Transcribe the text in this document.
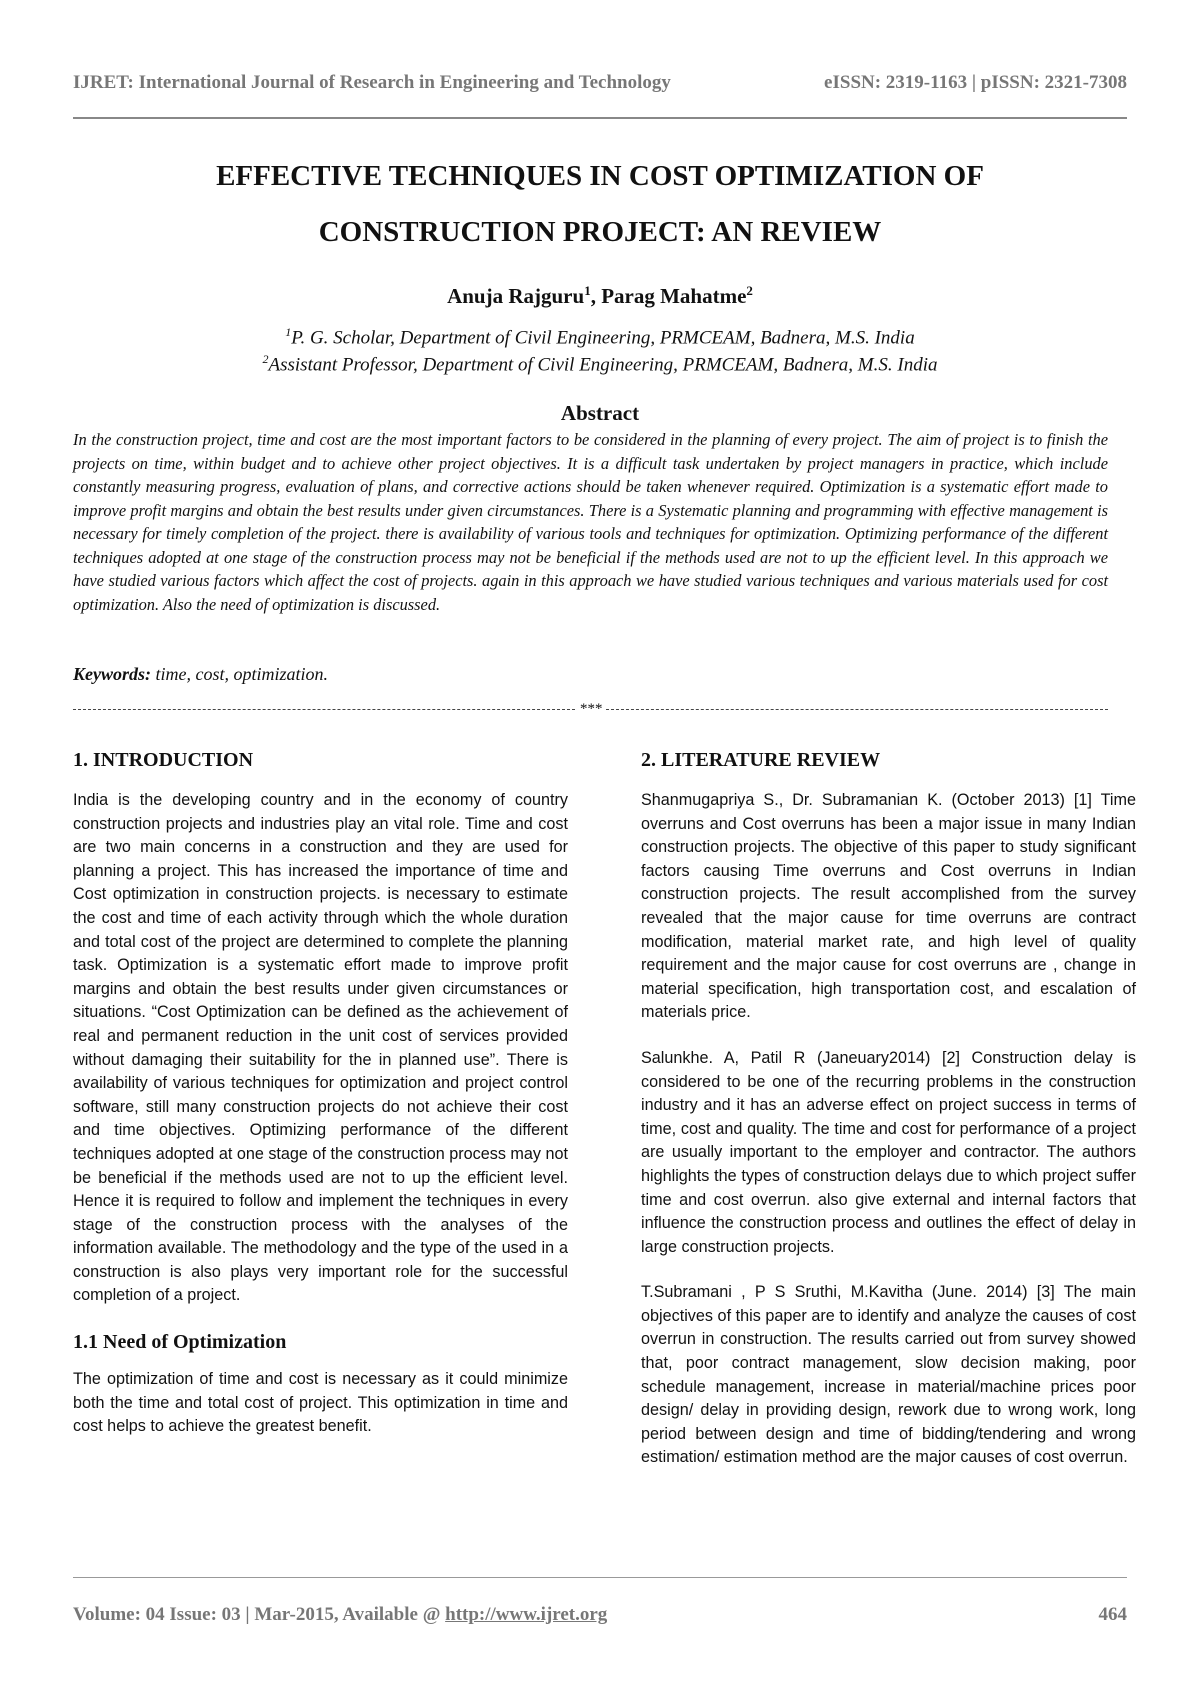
IJRET: International Journal of Research in Engineering and Technology	eISSN: 2319-1163 | pISSN: 2321-7308
EFFECTIVE TECHNIQUES IN COST OPTIMIZATION OF
CONSTRUCTION PROJECT: AN REVIEW
Anuja Rajguru$^1$, Parag Mahatme$^2$
$^1$P. G. Scholar, Department of Civil Engineering, PRMCEAM, Badnera, M.S. India
$^2$Assistant Professor, Department of Civil Engineering, PRMCEAM, Badnera, M.S. India
Abstract

In the construction project, time and cost are the most important factors to be considered in the planning of every project. The aim of project is to finish the projects on time, within budget and to achieve other project objectives. It is a difficult task undertaken by project managers in practice, which include constantly measuring progress, evaluation of plans, and corrective actions should be taken whenever required. Optimization is a systematic effort made to improve profit margins and obtain the best results under given circumstances. There is a Systematic planning and programming with effective management is necessary for timely completion of the project. there is availability of various tools and techniques for optimization. Optimizing performance of the different techniques adopted at one stage of the construction process may not be beneficial if the methods used are not to up the efficient level. In this approach we have studied various factors which affect the cost of projects. again in this approach we have studied various techniques and various materials used for cost optimization. Also the need of optimization is discussed.

Keywords: time, cost, optimization.
***
1. INTRODUCTION

India is the developing country and in the economy of country construction projects and industries play an vital role. Time and cost are two main concerns in a construction and they are used for planning a project. This has increased the importance of time and Cost optimization in construction projects. is necessary to estimate the cost and time of each activity through which the whole duration and total cost of the project are determined to complete the planning task. Optimization is a systematic effort made to improve profit margins and obtain the best results under given circumstances or situations. “Cost Optimization can be defined as the achievement of real and permanent reduction in the unit cost of services provided without damaging their suitability for the in planned use”. There is availability of various techniques for optimization and project control software, still many construction projects do not achieve their cost and time objectives. Optimizing performance of the different techniques adopted at one stage of the construction process may not be beneficial if the methods used are not to up the efficient level. Hence it is required to follow and implement the techniques in every stage of the construction process with the analyses of the information available. The methodology and the type of the used in a construction is also plays very important role for the successful completion of a project.

1.1 Need of Optimization

The optimization of time and cost is necessary as it could minimize both the time and total cost of project. This optimization in time and cost helps to achieve the greatest benefit.

2. LITERATURE REVIEW

Shanmugapriya S., Dr. Subramanian K. (October 2013) [1] Time overruns and Cost overruns has been a major issue in many Indian construction projects. The objective of this paper to study significant factors causing Time overruns and Cost overruns in Indian construction projects. The result accomplished from the survey revealed that the major cause for time overruns are contract modification, material market rate, and high level of quality requirement and the major cause for cost overruns are , change in material specification, high transportation cost, and escalation of materials price.

Salunkhe. A, Patil R (Janeuary2014) [2] Construction delay is considered to be one of the recurring problems in the construction industry and it has an adverse effect on project success in terms of time, cost and quality. The time and cost for performance of a project are usually important to the employer and contractor. The authors highlights the types of construction delays due to which project suffer time and cost overrun. also give external and internal factors that influence the construction process and outlines the effect of delay in large construction projects.

T.Subramani , P S Sruthi, M.Kavitha (June. 2014) [3] The main objectives of this paper are to identify and analyze the causes of cost overrun in construction. The results carried out from survey showed that, poor contract management, slow decision making, poor schedule management, increase in material/machine prices poor design/ delay in providing design, rework due to wrong work, long period between design and time of bidding/tendering and wrong estimation/ estimation method are the major causes of cost overrun.

Volume: 04 Issue: 03 | Mar-2015, Available @ http://www.ijret.org	464
